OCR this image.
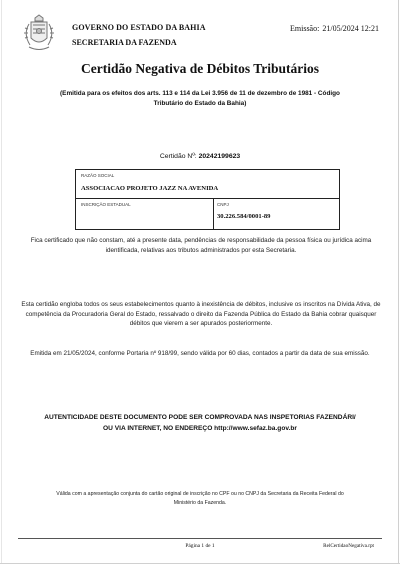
GOVERNO DO ESTADO DA BAHIA
SECRETARIA DA FAZENDA
Emissão: 21/05/2024 12:21
Certidão Negativa de Débitos Tributários
(Emitida para os efeitos dos arts. 113 e 114 da Lei 3.956 de 11 de dezembro de 1981 - Código Tributário do Estado da Bahia)
Certidão Nº: 20242199623
RAZÃO SOCIAL
ASSOCIACAO PROJETO JAZZ NA AVENIDA
INSCRIÇÃO ESTADUAL	CNPJ
30.226.584/0001-89
Fica certificado que não constam, até a presente data, pendências de responsabilidade da pessoa física ou jurídica acima identificada, relativas aos tributos administrados por esta Secretaria.
Esta certidão engloba todos os seus estabelecimentos quanto à inexistência de débitos, inclusive os inscritos na Dívida Ativa, de competência da Procuradoria Geral do Estado, ressalvado o direito da Fazenda Pública do Estado da Bahia cobrar quaisquer débitos que vierem a ser apurados posteriormente.
Emitida em 21/05/2024, conforme Portaria nº 918/99, sendo válida por 60 dias, contados a partir da data de sua emissão.
AUTENTICIDADE DESTE DOCUMENTO PODE SER COMPROVADA NAS INSPETORIAS FAZENDÁRI/
OU VIA INTERNET, NO ENDEREÇO http://www.sefaz.ba.gov.br
Válida com a apresentação conjunta do cartão original de inscrição no CPF ou no CNPJ da Secretaria da Receita Federal do Ministério da Fazenda.
Página 1 de 1	RelCertidaoNegativa.rpt
